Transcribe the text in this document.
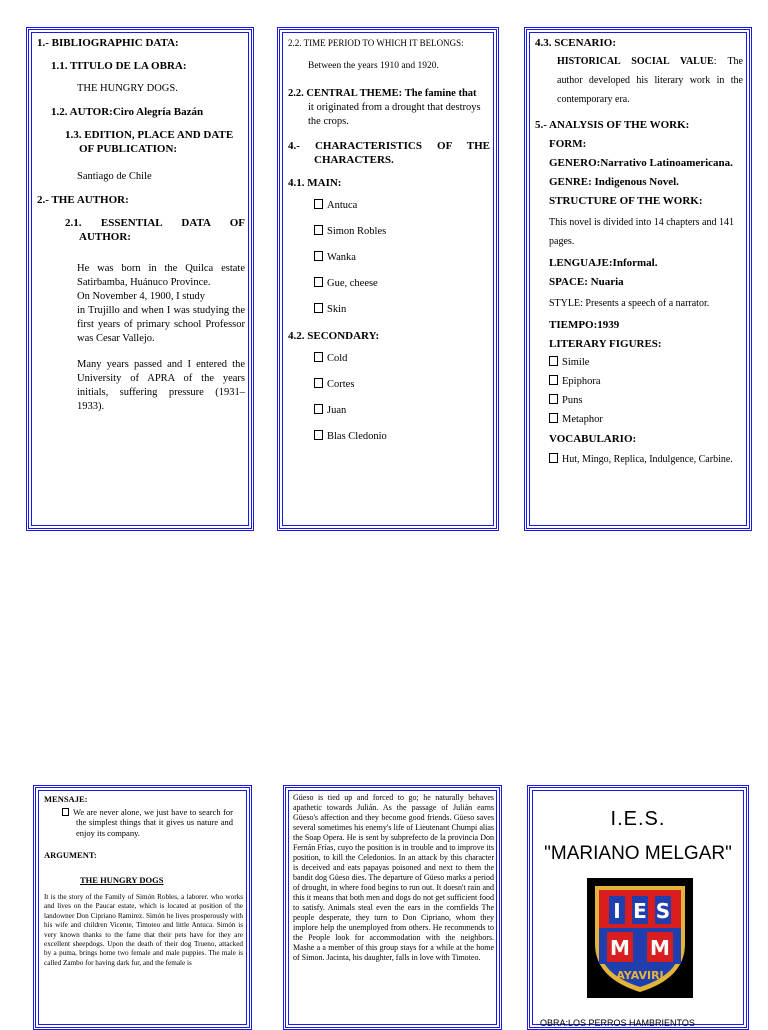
1.- BIBLIOGRAPHIC DATA:

1.1. TITULO DE LA OBRA:

THE HUNGRY DOGS.

1.2. AUTOR:Ciro Alegría Bazán

1.3. EDITION, PLACE AND DATE OF PUBLICATION:

Santiago de Chile

2.- THE AUTHOR:

2.1. ESSENTIAL DATA OF AUTHOR:

He was born in the Quilca estate Satirbamba, Huánuco Province.

On November 4, 1900, I study

in Trujillo and when I was studying the first years of primary school Professor was Cesar Vallejo.

Many years passed and I entered the University of APRA of the years initials, suffering pressure (1931–1933).

2.2. TIME PERIOD TO WHICH IT BELONGS:

Between the years 1910 and 1920.

2.2. CENTRAL THEME: The famine that

it originated from a drought that destroys the crops.

4.- CHARACTERISTICS OF THE CHARACTERS.

4.1. MAIN:

Antuca

Simon Robles

Wanka

Gue, cheese

Skin

4.2. SECONDARY:

Cold

Cortes

Juan

Blas Cledonio

4.3. SCENARIO:

HISTORICAL SOCIAL VALUE: The author developed his literary work in the contemporary era.

5.- ANALYSIS OF THE WORK:

FORM:

GENERO:Narrativo Latinoamericana.

GENRE: Indigenous Novel.

STRUCTURE OF THE WORK:

This novel is divided into 14 chapters and 141 pages.

LENGUAJE:Informal.

SPACE: Nuaria

STYLE: Presents a speech of a narrator.

TIEMPO:1939

LITERARY FIGURES:

Simile

Epiphora

Puns

Metaphor

VOCABULARIO:

Hut, Mingo, Replica, Indulgence, Carbine.

MENSAJE:

We are never alone, we just have to search for the simplest things that it gives us nature and enjoy its company.

ARGUMENT:

THE HUNGRY DOGS

It is the story of the Family of Simón Robles, a laborer. who works and lives on the Paucar estate, which is located at position of the landowner Don Cipriano Ramirez. Simón he lives prosperously with his wife and children Vicente, Timoteo and little Antuca. Simón is very known thanks to the fame that their pets have for they are excellent sheepdogs. Upon the death of their dog Trueno, attacked by a puma, brings home two female and male puppies. The male is called Zambo for having dark fur, and the female is

Güeso is tied up and forced to go; he naturally behaves apathetic towards Julián. As the passage of Julián earns Güeso's affection and they become good friends. Güeso saves several sometimes his enemy's life of Lieutenant Chumpi alias the Soap Opera. He is sent by subprefecto de la provincia Don Fernán Frías, cuyo the position is in trouble and to improve its position, to kill the Celedonios. In an attack by this character is deceived and eats papayas poisoned and next to them the bandit dog Güeso dies. The departure of Güeso marks a period of drought, in where food begins to run out. It doesn't rain and this it means that both men and dogs do not get sufficient food to satisfy. Animals steal even the ears in the cornfields The people desperate, they turn to Don Cipriano, whom they implore help the unemployed from others. He recommends to the People look for accommodation with the neighbors. Mashe a a member of this group stays for a while at the home of Simon. Jacinta, his daughter, falls in love with Timoteo.

I.E.S.

"MARIANO MELGAR"

I E S
M M
AYAVIRI

OBRA:LOS PERROS HAMBRIENTOS
